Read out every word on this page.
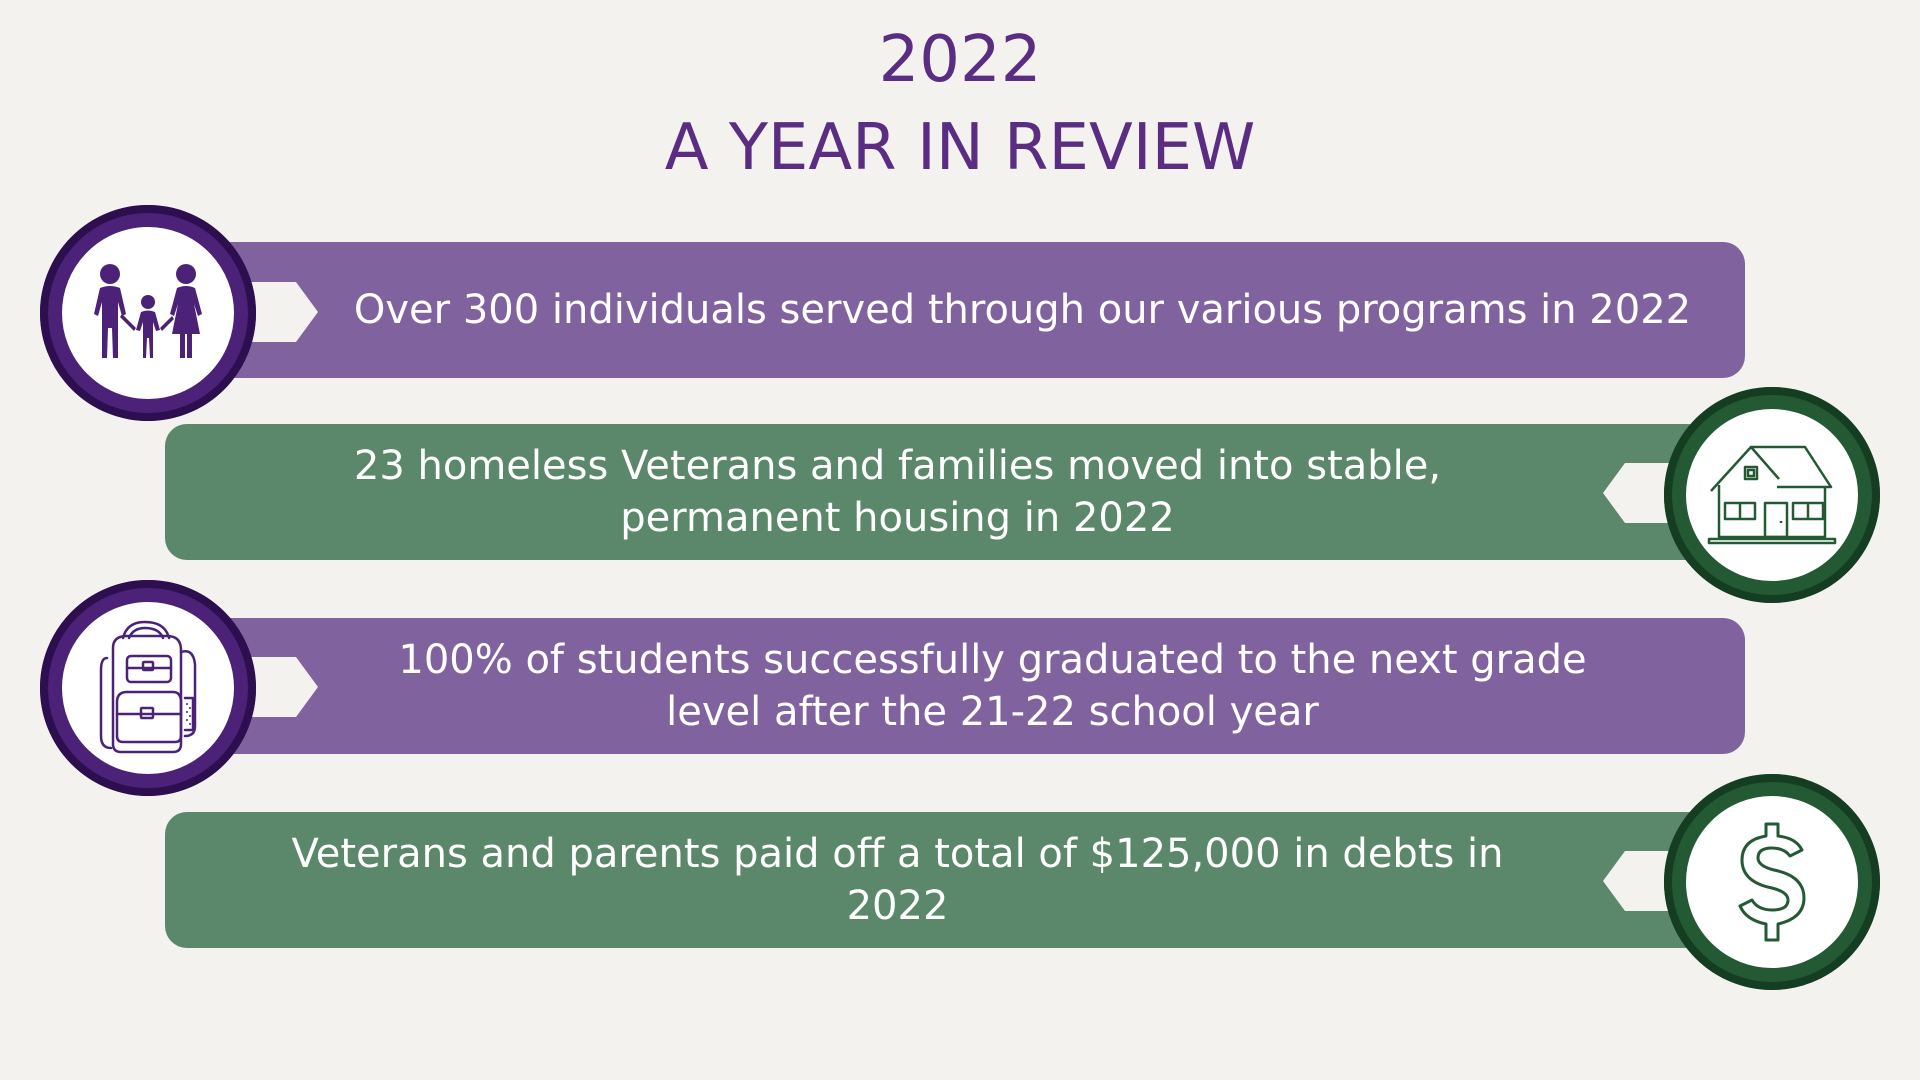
2022
A YEAR IN REVIEW
Over 300 individuals served through our various programs in 2022
23 homeless Veterans and families moved into stable, permanent housing in 2022
100% of students successfully graduated to the next grade level after the 21-22 school year
Veterans and parents paid off a total of $125,000 in debts in 2022
